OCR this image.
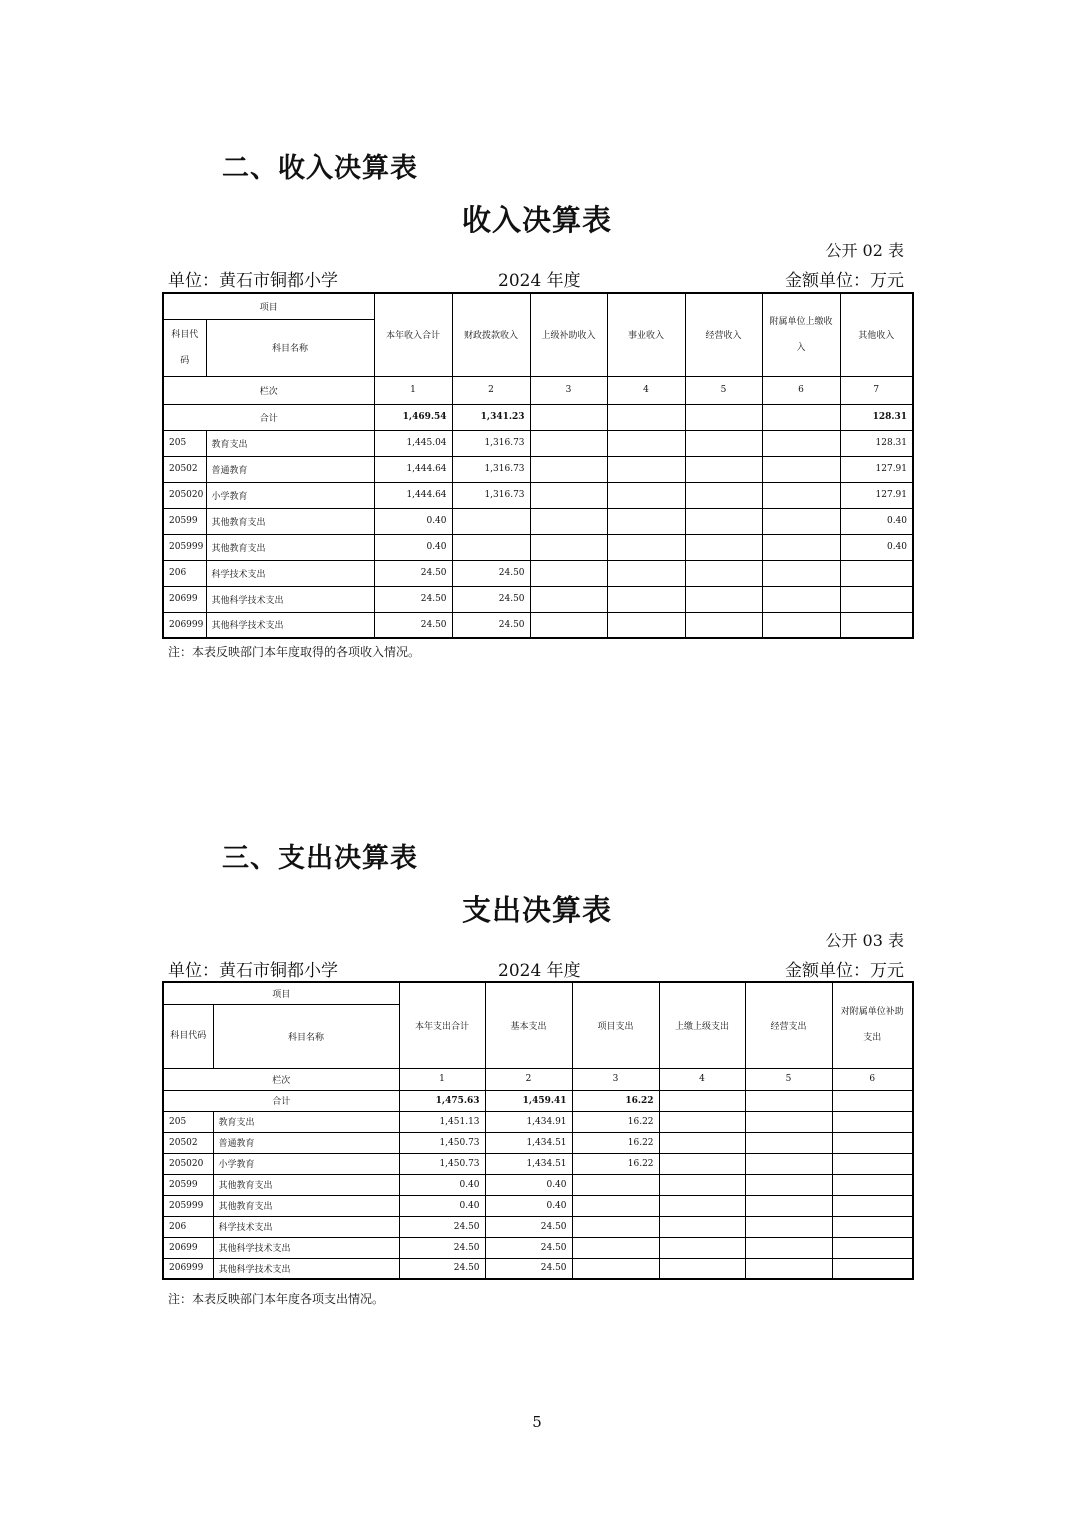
二、收入决算表
收入决算表
公开 02 表
单位：黄石市铜都小学	2024 年度	金额单位：万元
项目		本年收入合计	财政拨款收入	上级补助收入	事业收入	经营收入	附属单位上缴收入	其他收入
科目代码	科目名称							
栏次		1	2	3	4	5	6	7
合计		1,469.54	1,341.23					128.31
205	教育支出	1,445.04	1,316.73					128.31
20502	普通教育	1,444.64	1,316.73					127.91
205020	小学教育	1,444.64	1,316.73					127.91
20599	其他教育支出	0.40						0.40
205999	其他教育支出	0.40						0.40
206	科学技术支出	24.50	24.50					
20699	其他科学技术支出	24.50	24.50					
206999	其他科学技术支出	24.50	24.50					
注：本表反映部门本年度取得的各项收入情况。
三、支出决算表
支出决算表
公开 03 表
单位：黄石市铜都小学	2024 年度	金额单位：万元
项目		本年支出合计	基本支出	项目支出	上缴上级支出	经营支出	对附属单位补助支出
科目代码	科目名称						
栏次		1	2	3	4	5	6
合计		1,475.63	1,459.41	16.22			
205	教育支出	1,451.13	1,434.91	16.22			
20502	普通教育	1,450.73	1,434.51	16.22			
205020	小学教育	1,450.73	1,434.51	16.22			
20599	其他教育支出	0.40	0.40				
205999	其他教育支出	0.40	0.40				
206	科学技术支出	24.50	24.50				
20699	其他科学技术支出	24.50	24.50				
206999	其他科学技术支出	24.50	24.50				
注：本表反映部门本年度各项支出情况。
5
